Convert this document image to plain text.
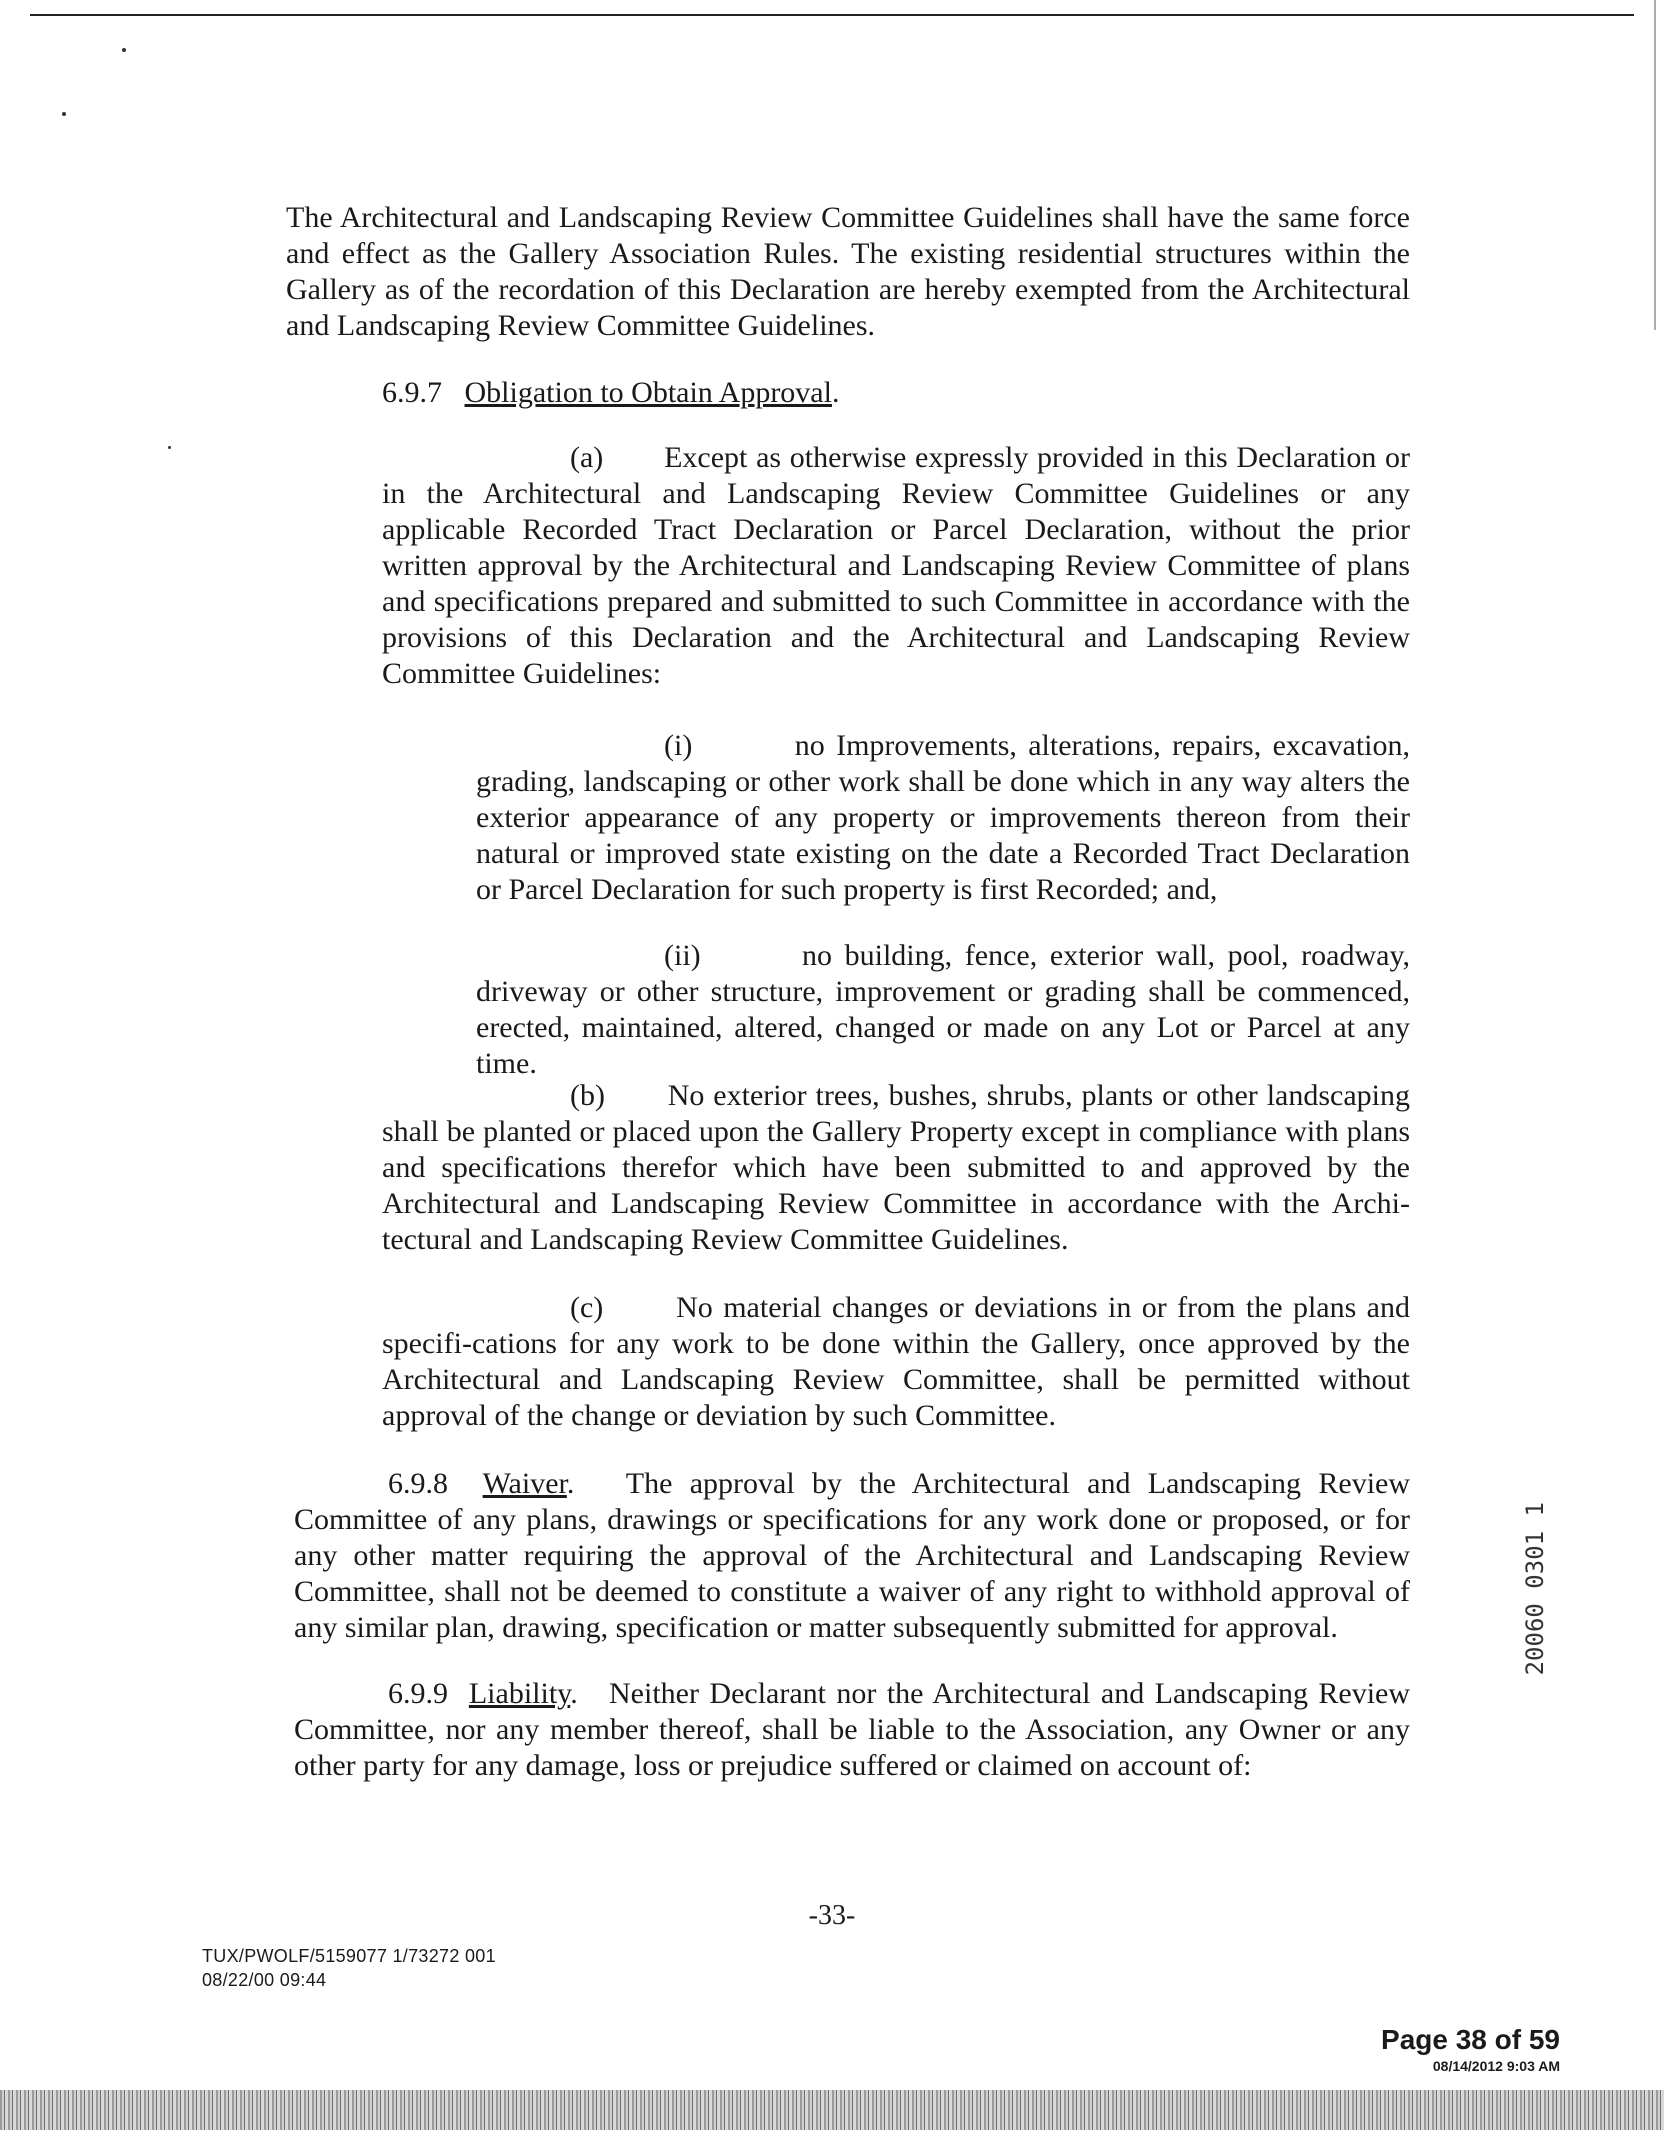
The Architectural and Landscaping Review Committee Guidelines shall have the same force and effect as the Gallery Association Rules. The existing residential structures within the Gallery as of the recordation of this Declaration are hereby exempted from the Architectural and Landscaping Review Committee Guidelines.

6.9.7 Obligation to Obtain Approval.

(a) Except as otherwise expressly provided in this Declaration or in the Architectural and Landscaping Review Committee Guidelines or any applicable Recorded Tract Declaration or Parcel Declaration, without the prior written approval by the Architectural and Landscaping Review Committee of plans and specifications prepared and submitted to such Committee in accordance with the provisions of this Declaration and the Architectural and Landscaping Review Committee Guidelines:

(i)	no Improvements, alterations, repairs, excavation, grading, landscaping or other work shall be done which in any way alters the exterior appearance of any property or improvements thereon from their natural or improved state existing on the date a Recorded Tract Declaration or Parcel Declaration for such property is first Recorded; and,

(ii)	no building, fence, exterior wall, pool, roadway, driveway or other structure, improvement or grading shall be commenced, erected, maintained, altered, changed or made on any Lot or Parcel at any time.

(b) No exterior trees, bushes, shrubs, plants or other landscaping shall be planted or placed upon the Gallery Property except in compliance with plans and specifications therefor which have been submitted to and approved by the Architectural and Landscaping Review Committee in accordance with the Archi-tectural and Landscaping Review Committee Guidelines.

(c) No material changes or deviations in or from the plans and specifi-cations for any work to be done within the Gallery, once approved by the Architectural and Landscaping Review Committee, shall be permitted without approval of the change or deviation by such Committee.

6.9.8 Waiver. The approval by the Architectural and Landscaping Review Committee of any plans, drawings or specifications for any work done or proposed, or for any other matter requiring the approval of the Architectural and Landscaping Review Committee, shall not be deemed to constitute a waiver of any right to withhold approval of any similar plan, drawing, specification or matter subsequently submitted for approval.

6.9.9 Liability. Neither Declarant nor the Architectural and Landscaping Review Committee, nor any member thereof, shall be liable to the Association, any Owner or any other party for any damage, loss or prejudice suffered or claimed on account of:

20060 0301 1
-33-
TUX/PWOLF/5159077 1/73272 001
08/22/00 09:44
Page 38 of 59
08/14/2012 9:03 AM
